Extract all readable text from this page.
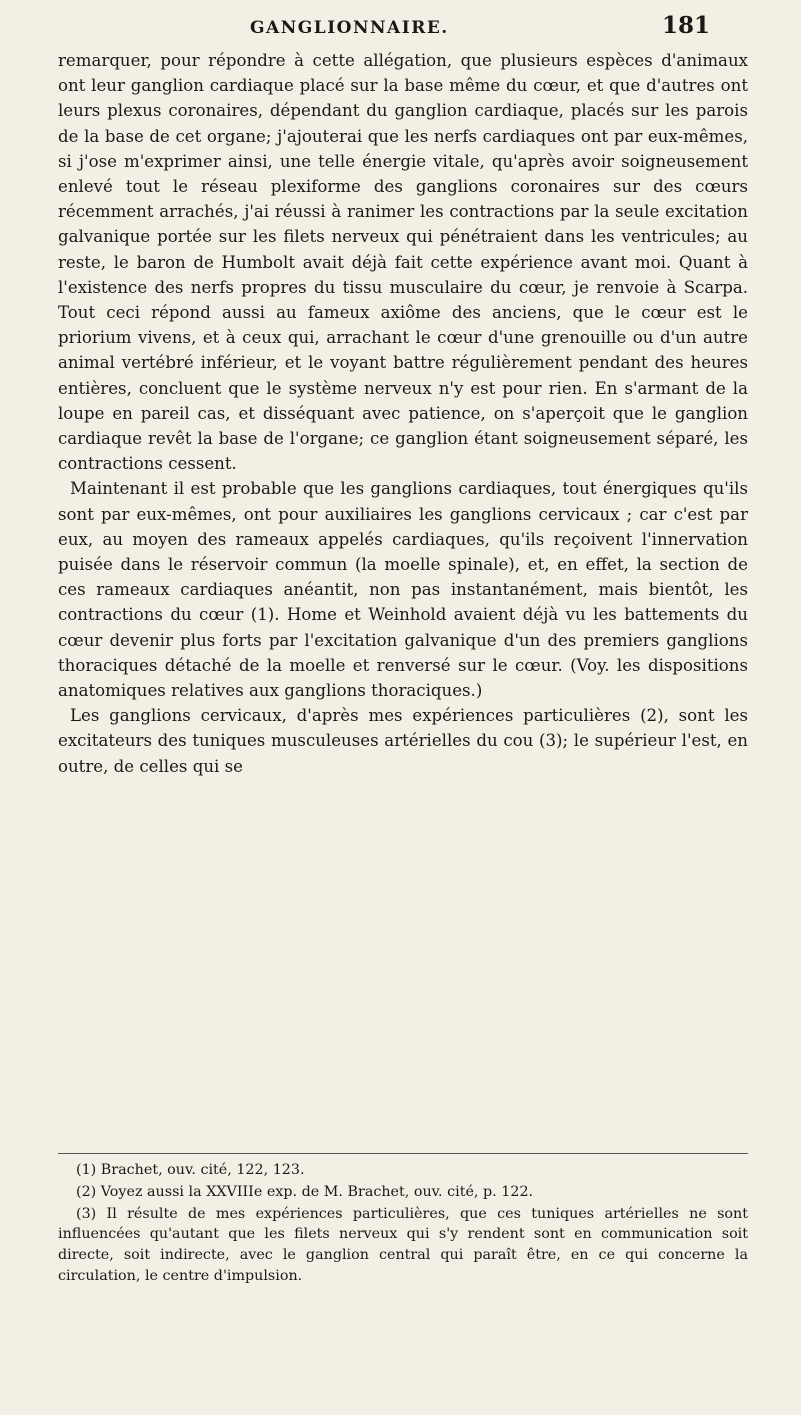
GANGLIONNAIRE.	181

remarquer, pour répondre à cette allégation, que plusieurs espèces d'animaux ont leur ganglion cardiaque placé sur la base même du cœur, et que d'autres ont leurs plexus coronaires, dépendant du ganglion cardiaque, placés sur les parois de la base de cet organe; j'ajouterai que les nerfs cardiaques ont par eux-mêmes, si j'ose m'exprimer ainsi, une telle énergie vitale, qu'après avoir soigneusement enlevé tout le réseau plexiforme des ganglions coronaires sur des cœurs récemment arrachés, j'ai réussi à ranimer les contractions par la seule excitation galvanique portée sur les filets nerveux qui pénétraient dans les ventricules; au reste, le baron de Humbolt avait déjà fait cette expérience avant moi. Quant à l'existence des nerfs propres du tissu musculaire du cœur, je renvoie à Scarpa. Tout ceci répond aussi au fameux axiôme des anciens, que le cœur est le priorium vivens, et à ceux qui, arrachant le cœur d'une grenouille ou d'un autre animal vertébré inférieur, et le voyant battre régulièrement pendant des heures entières, concluent que le système nerveux n'y est pour rien. En s'armant de la loupe en pareil cas, et disséquant avec patience, on s'aperçoit que le ganglion cardiaque revêt la base de l'organe; ce ganglion étant soigneusement séparé, les contractions cessent.

Maintenant il est probable que les ganglions cardiaques, tout énergiques qu'ils sont par eux-mêmes, ont pour auxiliaires les ganglions cervicaux ; car c'est par eux, au moyen des rameaux appelés cardiaques, qu'ils reçoivent l'innervation puisée dans le réservoir commun (la moelle spinale), et, en effet, la section de ces rameaux cardiaques anéantit, non pas instantanément, mais bientôt, les contractions du cœur (1). Home et Weinhold avaient déjà vu les battements du cœur devenir plus forts par l'excitation galvanique d'un des premiers ganglions thoraciques détaché de la moelle et renversé sur le cœur. (Voy. les dispositions anatomiques relatives aux ganglions thoraciques.)

Les ganglions cervicaux, d'après mes expériences particulières (2), sont les excitateurs des tuniques musculeuses artérielles du cou (3); le supérieur l'est, en outre, de celles qui se

(1) Brachet, ouv. cité, 122, 123.

(2) Voyez aussi la XXVIIIe exp. de M. Brachet, ouv. cité, p. 122.

(3) Il résulte de mes expériences particulières, que ces tuniques artérielles ne sont influencées qu'autant que les filets nerveux qui s'y rendent sont en communication soit directe, soit indirecte, avec le ganglion central qui paraît être, en ce qui concerne la circulation, le centre d'impulsion.
